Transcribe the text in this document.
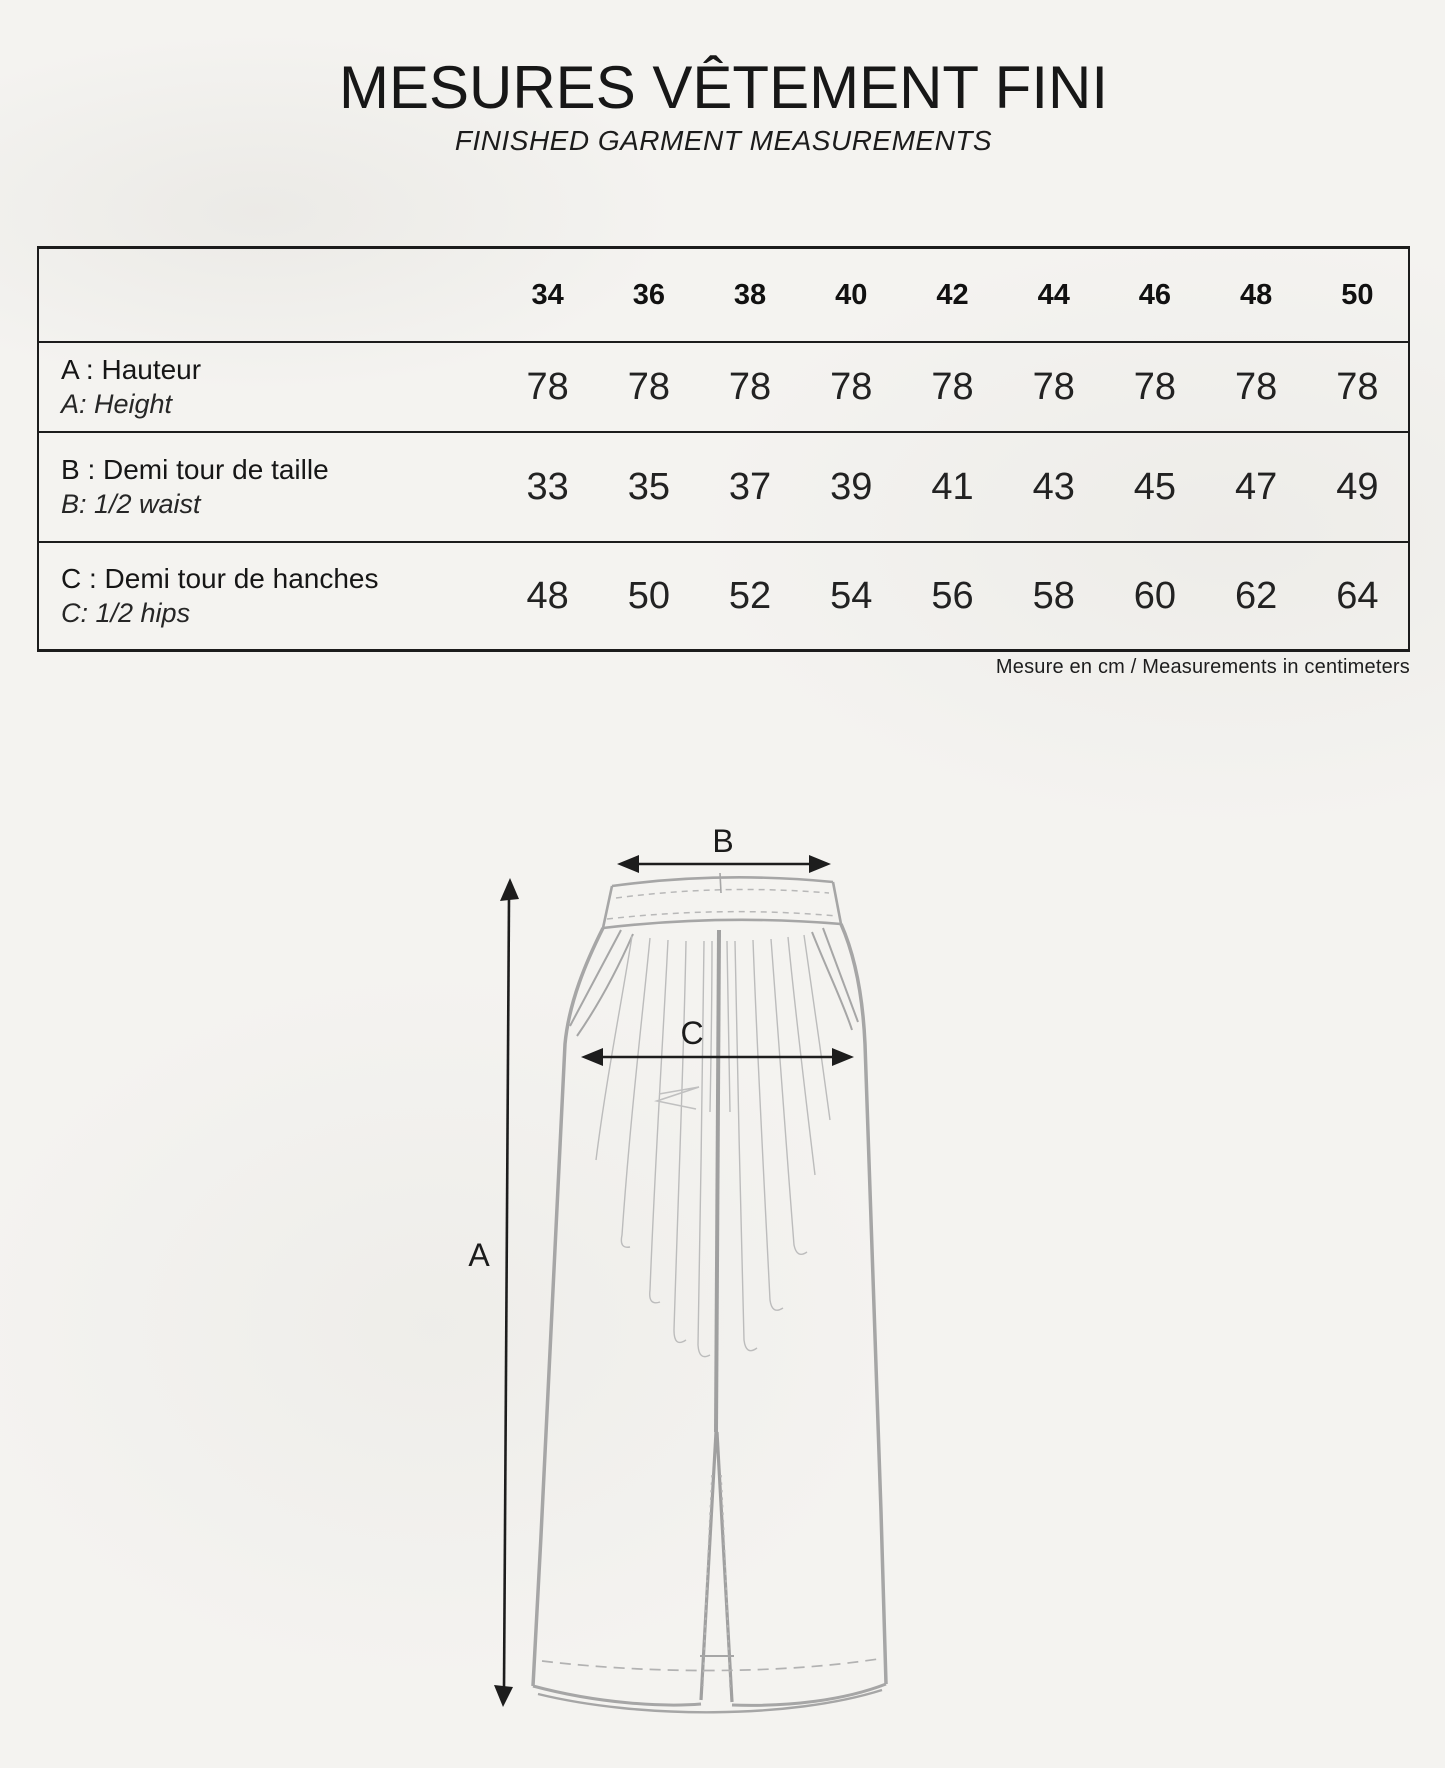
MESURES VÊTEMENT FINI
FINISHED GARMENT MEASUREMENTS
34	36	38	40	42	44	46	48	50
A : Hauteur
A: Height	78	78	78	78	78	78	78	78	78
B : Demi tour de taille
B: 1/2 waist	33	35	37	39	41	43	45	47	49
C : Demi tour de hanches
C: 1/2 hips	48	50	52	54	56	58	60	62	64
Mesure en cm / Measurements in centimeters
A
B
C
